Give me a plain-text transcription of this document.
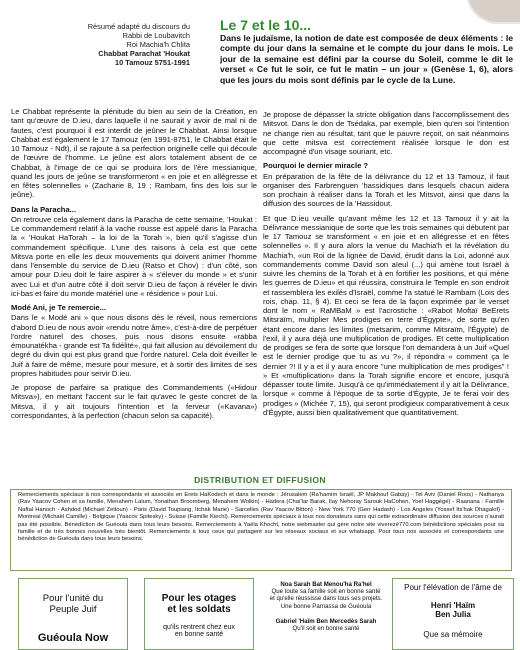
Résumé adapté du discours du
Rabbi de Loubavitch
Roi Machia'h Chlita
Chabbat Parachat 'Houkat
10 Tamouz 5751-1991
Le 7 et le 10...
Dans le judaïsme, la notion de date est composée de deux éléments : le compte du jour dans la semaine et le compte du jour dans le mois. Le jour de la semaine est défini par la course du Soleil, comme le dit le verset « Ce fut le soir, ce fut le matin – un jour » (Genèse 1, 6), alors que les jours du mois sont définis par le cycle de la Lune.

Le Chabbat représente la plénitude du bien au sein de la Création, en tant qu'œuvre de D.ieu, dans laquelle il ne saurait y avoir de mal ni de fautes, c'est pourquoi il est interdit de jeûner le Chabbat. Ainsi lorsque Chabbat est également le 17 Tamouz (en 1991-8751, le Chabbat était le 10 Tamouz - Ndt), il se rajoute à sa perfection originelle celle qui découle de l'œuvre de l'homme. Le jeûne est alors totalement absent de ce Chabbat, à l'image de ce qui se produira lors de l'ère messianique, quand les jours de jeûne se transformeront « en joie et en allégresse et en fêtes solennelles » (Zacharie 8, 19 ; Rambam, fins des lois sur le jeûne).

Dans la Paracha...

On retrouve cela également dans la Paracha de cette semaine, 'Houkat : Le commandement relatif à la vache rousse est appelé dans la Paracha la « 'Houkat HaTorah – la loi de la Torah », bien qu'il s'agisse d'un commandement spécifique. L'une des raisons à cela est que cette Mitsva porte en elle les deux mouvements qui doivent animer l'homme dans l'ensemble du service de D.ieu (Ratso et Chov) : d'un côté, son amour pour D.ieu doit le faire aspirer à « s'élever du monde » et s'unir avec Lui et d'un autre côté il doit servir D.ieu de façon à révéler le divin ici-bas et faire du monde matériel une « résidence » pour Lui.

Modé Ani, je Te remercie...

Dans le « Modé ani » que nous disons dès le réveil, nous remercions d'abord D.ieu de nous avoir «rendu notre âme», c'est-à-dire de perpétuer l'ordre naturel des choses, puis nous disons ensuite «rabba émounatékha - grande est Ta fidélité», qui fait allusion au dévoilement du degré du divin qui est plus grand que l'ordre naturel. Cela doit éveiller le Juif à faire de même, mesure pour mesure, et à sortir des limites de ses propres habitudes pour servir D.ieu.

Je propose de parfaire sa pratique des Commandements («Hidour Mitsva»), en mettant l'accent sur le fait qu'avec le geste concret de la Mitsva, il y ait toujours l'intention et la ferveur («Kavana») correspondantes, à la perfection (chacun selon sa capacité).

Je propose de dépasser la stricte obligation dans l'accomplissement des Mitsvot. Dans le don de Tsédaka, par exemple, bien qu'en soi l'intention ne change rien au résultat, tant que le pauvre reçoit, on sait néanmoins que cette mitsva est correctement réalisée lorsque le don est accompagné d'un visage souriant, etc.

Pourquoi le dernier miracle ?

En préparation de la fête de la délivrance du 12 et 13 Tamouz, il faut organiser des Farbrenguen 'hassidiques dans lesquels chacun aidera son prochain à réaliser dans la Torah et les Mitsvot, ainsi que dans la diffusion des sources de la 'Hassidout.

Et que D.ieu veuille qu'avant même les 12 et 13 Tamouz il y ait la Délivrance messianique de sorte que les trois semaines qui débutent par le 17 Tamouz se transforment « en joie et en allégresse et en fêtes solennelles ». Il y aura alors la venue du Machia'h et la révélation du Machia'h, «un Roi de la lignée de David, érudit dans la Loi, adonné aux commandements comme David son aïeul (...) qui amène tout Israël à suivre les chemins de la Torah et à en fortifier les positions, et qui mène les guerres de D.ieu» et qui réussira, construira le Temple en son endroit et rassemblera les exilés d'Israël, comme l'a statué le Rambam (Lois des rois, chap. 11, § 4). Et ceci se fera de la façon exprimée par le verset dont le nom « RaMBaM » est l'acrostiche : «Rabot Moftaï BeErets Mitsraïm, multiplier Mes prodiges en terre d'Égypte», de sorte qu'en étant encore dans les limites (metsarim, comme Mitsraïm, l'Égypte) de l'exil, il y aura déjà une multiplication de prodiges. Et cette multiplication de prodiges se fera de sorte que lorsque l'on demandera à un Juif «Quel est le dernier prodige que tu as vu ?», il répondra « comment ça le dernier ?! Il y a et il y aura encore "une multiplication de mes prodiges" ! » Et «multiplication» dans la Torah signifie encore et encore, jusqu'à dépasser toute limite. Jusqu'à ce qu'immédiatement il y ait la Délivrance, lorsque « comme à l'époque de ta sortie d'Égypte, Je te ferai voir des prodiges » (Michée 7, 15), qui seront prodigieux comparativement à ceux d'Égypte, aussi bien qualitativement que quantitativement.

DISTRIBUTION ET DIFFUSION
Remerciements spéciaux à nos correspondants et associés en Erets HaKodech et dans le monde : Jérusalem (Ra'hamim Israël, JP Makhouf Gabay) - Tel Aviv (Daniel Roos) - Nathanya (Rav Yaacov Cohen et sa famille, Menahem Lalum, Yonathan Broomberg, Menahem Wolkin) - Hadera (Chaï'lar Barak, Ilay Nehoray Sarouk HaCohen, Yoel Haggégé) - Raanana : Famille Naftal Hanoch - Ashdod (Michael Zeitoun) - Paris (David Toupiang, Itchak Marie) - Sarcelles (Rav Yaacov Bitton) - New York 770 (Gerr Hadash) - Los Angeles (Yossef Its'hak Dhagalof) - Montreal (Michaël Camille) - Belgique (Yaacov Spitesky) - Suisse (Famille Kiechl). Remerciements spéciaux à tous nos donateurs sans qui cette extraordinaire diffusion des sources n'aurait pas été possible. Bénédiction de Guéoula dans tous leurs besoins. Remerciements à Yaëla Khocht, notre webmaster qui gère notre site viverezé770.com bénédictions spéciales pour sa famille et de très bonnes nouvelles très bientôt. Remerciements à tous ceux qui partagent sur les réseaux sociaux et sur whatsapp. Pour tous nos associés et correspondants une bénédiction de Guéoula dans tous leurs besoins.
Pour l'unité du
Peuple Juif
Guéoula Now
Pour les otages
et les soldats
qu'ils rentrent chez eux
en bonne santé
Noa Sarah Bat Menou'ha Ra'hel
Que toute sa famille soit en bonne santé
et qu'elle réussisse dans tous ses projets.
Une bonne Parnassa de Guéoula
Gabriel 'Haïm Ben Mercedès Sarah
Qu'il soit en bonne santé
Pour l'élévation de l'âme de
Henri 'Haïm
Ben Julia
Que sa mémoire
